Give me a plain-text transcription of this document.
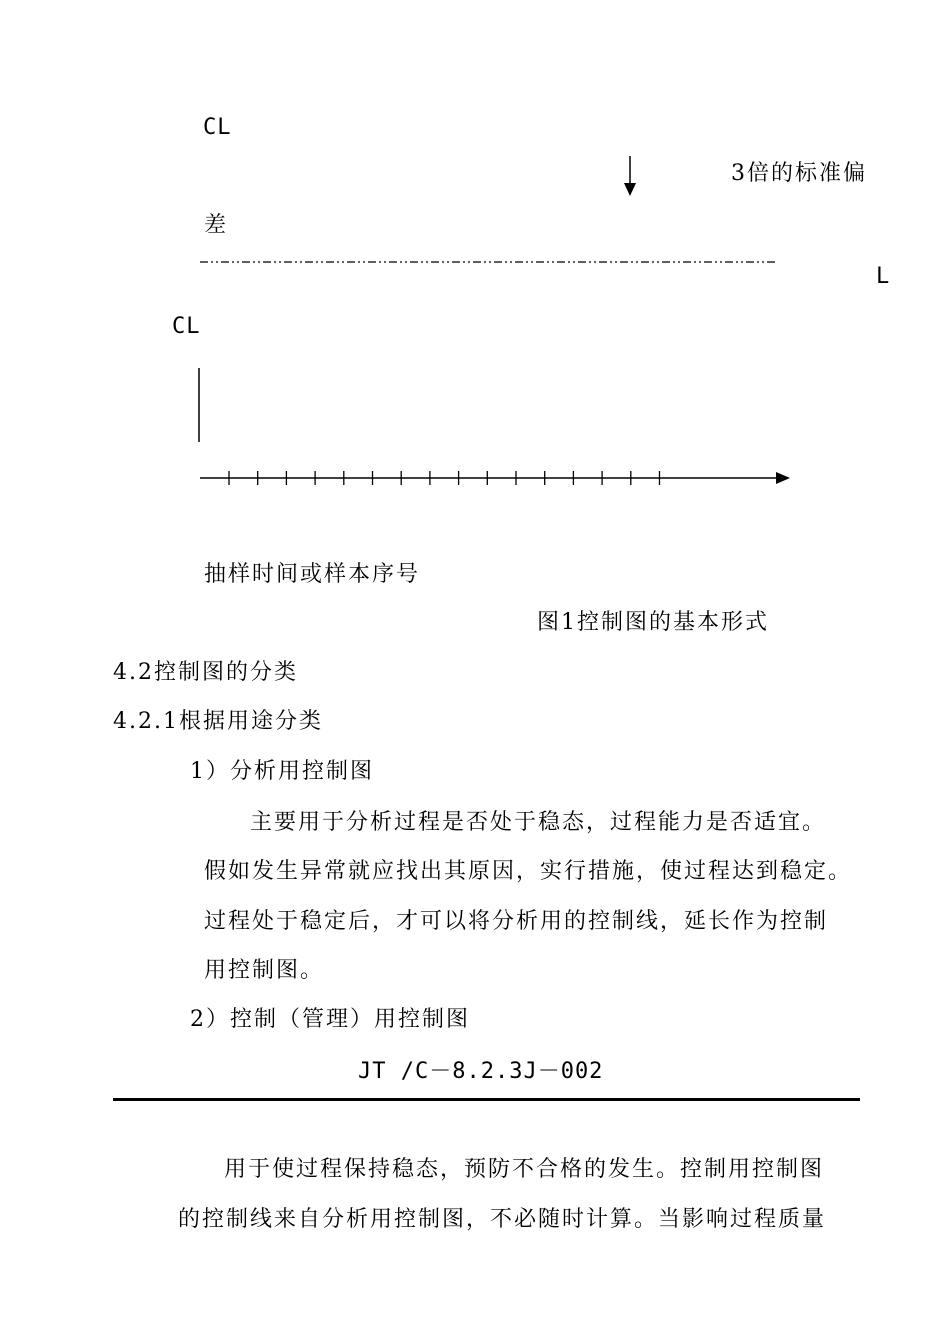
CL
3倍的标准偏
差
L
CL
抽样时间或样本序号
图1控制图的基本形式
4.2控制图的分类
4.2.1根据用途分类
1）分析用控制图
主要用于分析过程是否处于稳态，过程能力是否适宜。
假如发生异常就应找出其原因，实行措施，使过程达到稳定。
过程处于稳定后，才可以将分析用的控制线，延长作为控制
用控制图。
2）控制（管理）用控制图
JT /C－8.2.3J－002
用于使过程保持稳态，预防不合格的发生。控制用控制图
的控制线来自分析用控制图，不必随时计算。当影响过程质量
